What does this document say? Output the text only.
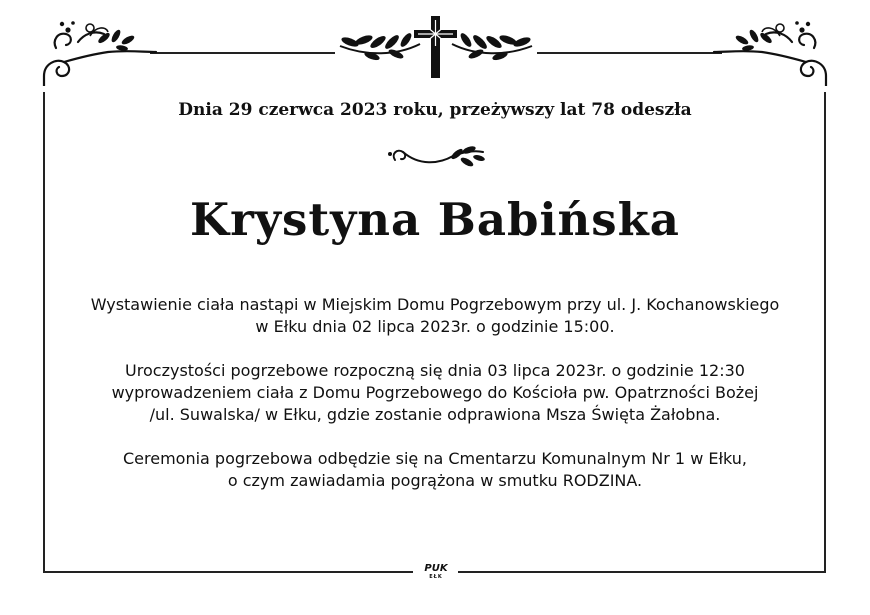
Dnia 29 czerwca 2023 roku, przeżywszy lat 78 odeszła
Krystyna Babińska

Wystawienie ciała nastąpi w Miejskim Domu Pogrzebowym przy ul. J. Kochanowskiego
w Ełku dnia 02 lipca 2023r. o godzinie 15:00.

Uroczystości pogrzebowe rozpoczną się dnia 03 lipca 2023r. o godzinie 12:30
wyprowadzeniem ciała z Domu Pogrzebowego do Kościoła pw. Opatrzności Bożej
/ul. Suwalska/ w Ełku, gdzie zostanie odprawiona Msza Święta Żałobna.

Ceremonia pogrzebowa odbędzie się na Cmentarzu Komunalnym Nr 1 w Ełku,
o czym zawiadamia pogrążona w smutku RODZINA.

PUK
EŁK
